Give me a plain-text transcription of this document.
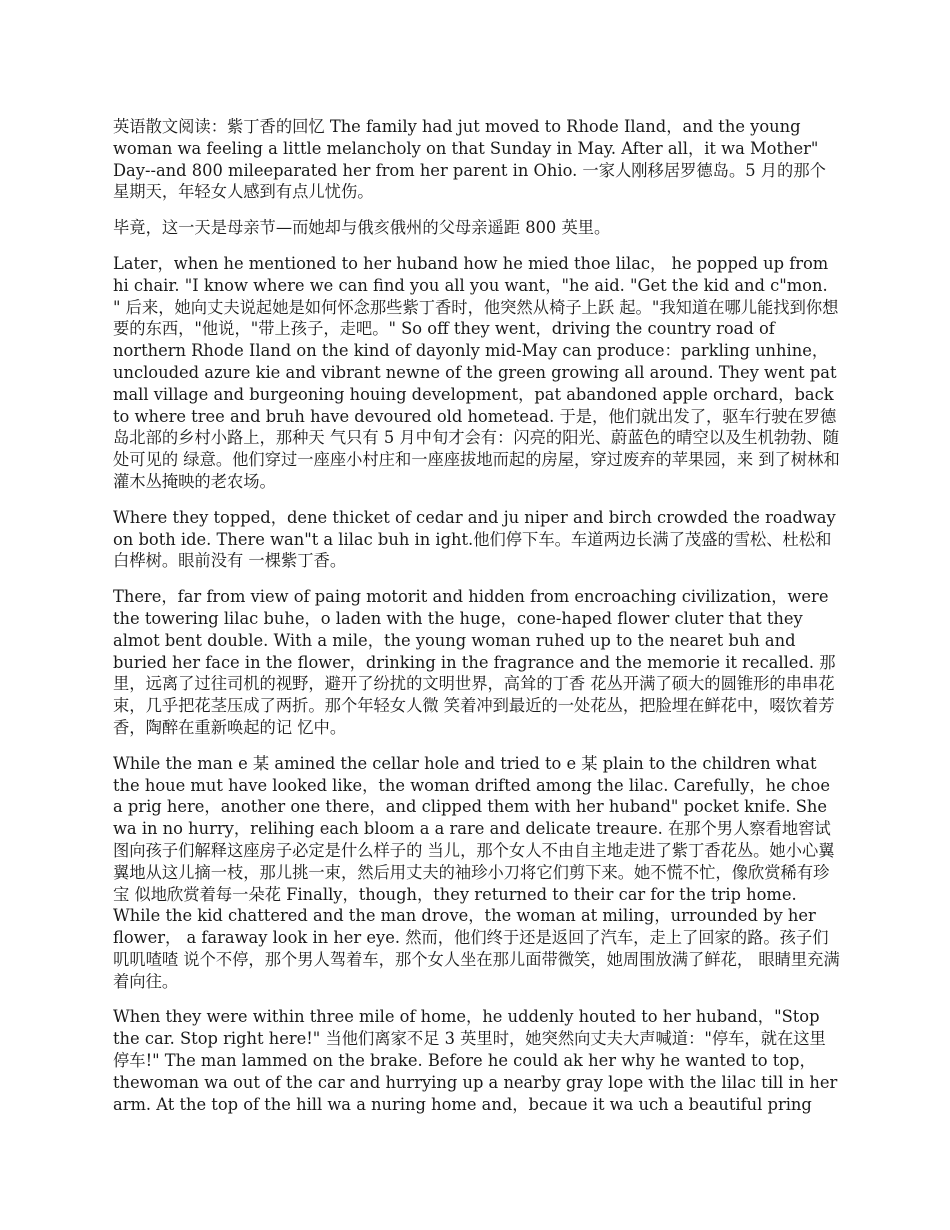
英语散文阅读：紫丁香的回忆 The family had jut moved to Rhode Iland，and the young woman wa feeling a little melancholy on that Sunday in May. After all，it wa Mother" Day--and 800 mileeparated her from her parent in Ohio. 一家人刚移居罗德岛。5 月的那个星期天，年轻女人感到有点儿忧伤。

毕竟，这一天是母亲节—而她却与俄亥俄州的父母亲遥距 800 英里。

Later，when he mentioned to her huband how he mied thoe lilac， he popped up from hi chair. "I know where we can find you all you want，"he aid. "Get the kid and c"mon. " 后来，她向丈夫说起她是如何怀念那些紫丁香时，他突然从椅子上跃 起。"我知道在哪儿能找到你想要的东西，"他说，"带上孩子，走吧。" So off they went，driving the country road of northern Rhode Iland on the kind of dayonly mid-May can produce：parkling unhine，unclouded azure kie and vibrant newne of the green growing all around. They went pat mall village and burgeoning houing development，pat abandoned apple orchard，back to where tree and bruh have devoured old hometead. 于是，他们就出发了，驱车行驶在罗德岛北部的乡村小路上，那种天 气只有 5 月中旬才会有：闪亮的阳光、蔚蓝色的晴空以及生机勃勃、随处可见的 绿意。他们穿过一座座小村庄和一座座拔地而起的房屋，穿过废弃的苹果园，来 到了树林和灌木丛掩映的老农场。

Where they topped，dene thicket of cedar and ju niper and birch crowded the roadway on both ide. There wan"t a lilac buh in ight.他们停下车。车道两边长满了茂盛的雪松、杜松和白桦树。眼前没有 一棵紫丁香。

There，far from view of paing motorit and hidden from encroaching civilization，were the towering lilac buhe，o laden with the huge，cone-haped flower cluter that they almot bent double. With a mile，the young woman ruhed up to the nearet buh and buried her face in the flower，drinking in the fragrance and the memorie it recalled. 那里，远离了过往司机的视野，避开了纷扰的文明世界，高耸的丁香 花丛开满了硕大的圆锥形的串串花束，几乎把花茎压成了两折。那个年轻女人微 笑着冲到最近的一处花丛，把脸埋在鲜花中，啜饮着芳香，陶醉在重新唤起的记 忆中。

While the man e 某 amined the cellar hole and tried to e 某 plain to the children what the houe mut have looked like，the woman drifted among the lilac. Carefully，he choe a prig here，another one there，and clipped them with her huband" pocket knife. She wa in no hurry，relihing each bloom a a rare and delicate treaure. 在那个男人察看地窖试图向孩子们解释这座房子必定是什么样子的 当儿，那个女人不由自主地走进了紫丁香花丛。她小心翼翼地从这儿摘一枝，那儿挑一束，然后用丈夫的袖珍小刀将它们剪下来。她不慌不忙，像欣赏稀有珍宝 似地欣赏着每一朵花 Finally，though，they returned to their car for the trip home. While the kid chattered and the man drove，the woman at miling，urrounded by her flower， a faraway look in her eye. 然而，他们终于还是返回了汽车，走上了回家的路。孩子们叽叽喳喳 说个不停，那个男人驾着车，那个女人坐在那儿面带微笑，她周围放满了鲜花， 眼睛里充满着向往。

When they were within three mile of home，he uddenly houted to her huband，"Stop the car. Stop right here!" 当他们离家不足 3 英里时，她突然向丈夫大声喊道："停车，就在这里 停车!" The man lammed on the brake. Before he could ak her why he wanted to top，thewoman wa out of the car and hurrying up a nearby gray lope with the lilac till in her arm. At the top of the hill wa a nuring home and，becaue it wa uch a beautiful pring
